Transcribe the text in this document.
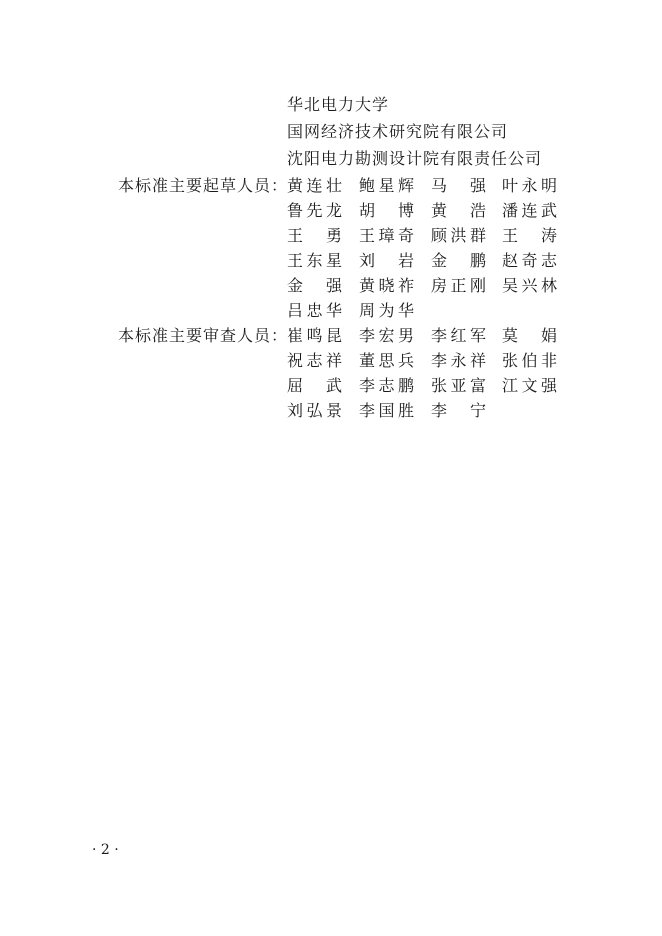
华北电力大学
国网经济技术研究院有限公司
沈阳电力勘测设计院有限责任公司
本标准主要起草人员：
黄连壮 鲍星辉 马　强 叶永明
鲁先龙 胡　博 黄　浩 潘连武
王　勇 王璋奇 顾洪群 王　涛
王东星 刘　岩 金　鹏 赵奇志
金　强 黄晓祚 房正刚 吴兴林
吕忠华 周为华
本标准主要审查人员：
崔鸣昆 李宏男 李红军 莫　娟
祝志祥 董思兵 李永祥 张伯非
屈　武 李志鹏 张亚富 江文强
刘弘景 李国胜 李　宁
· 2 ·
